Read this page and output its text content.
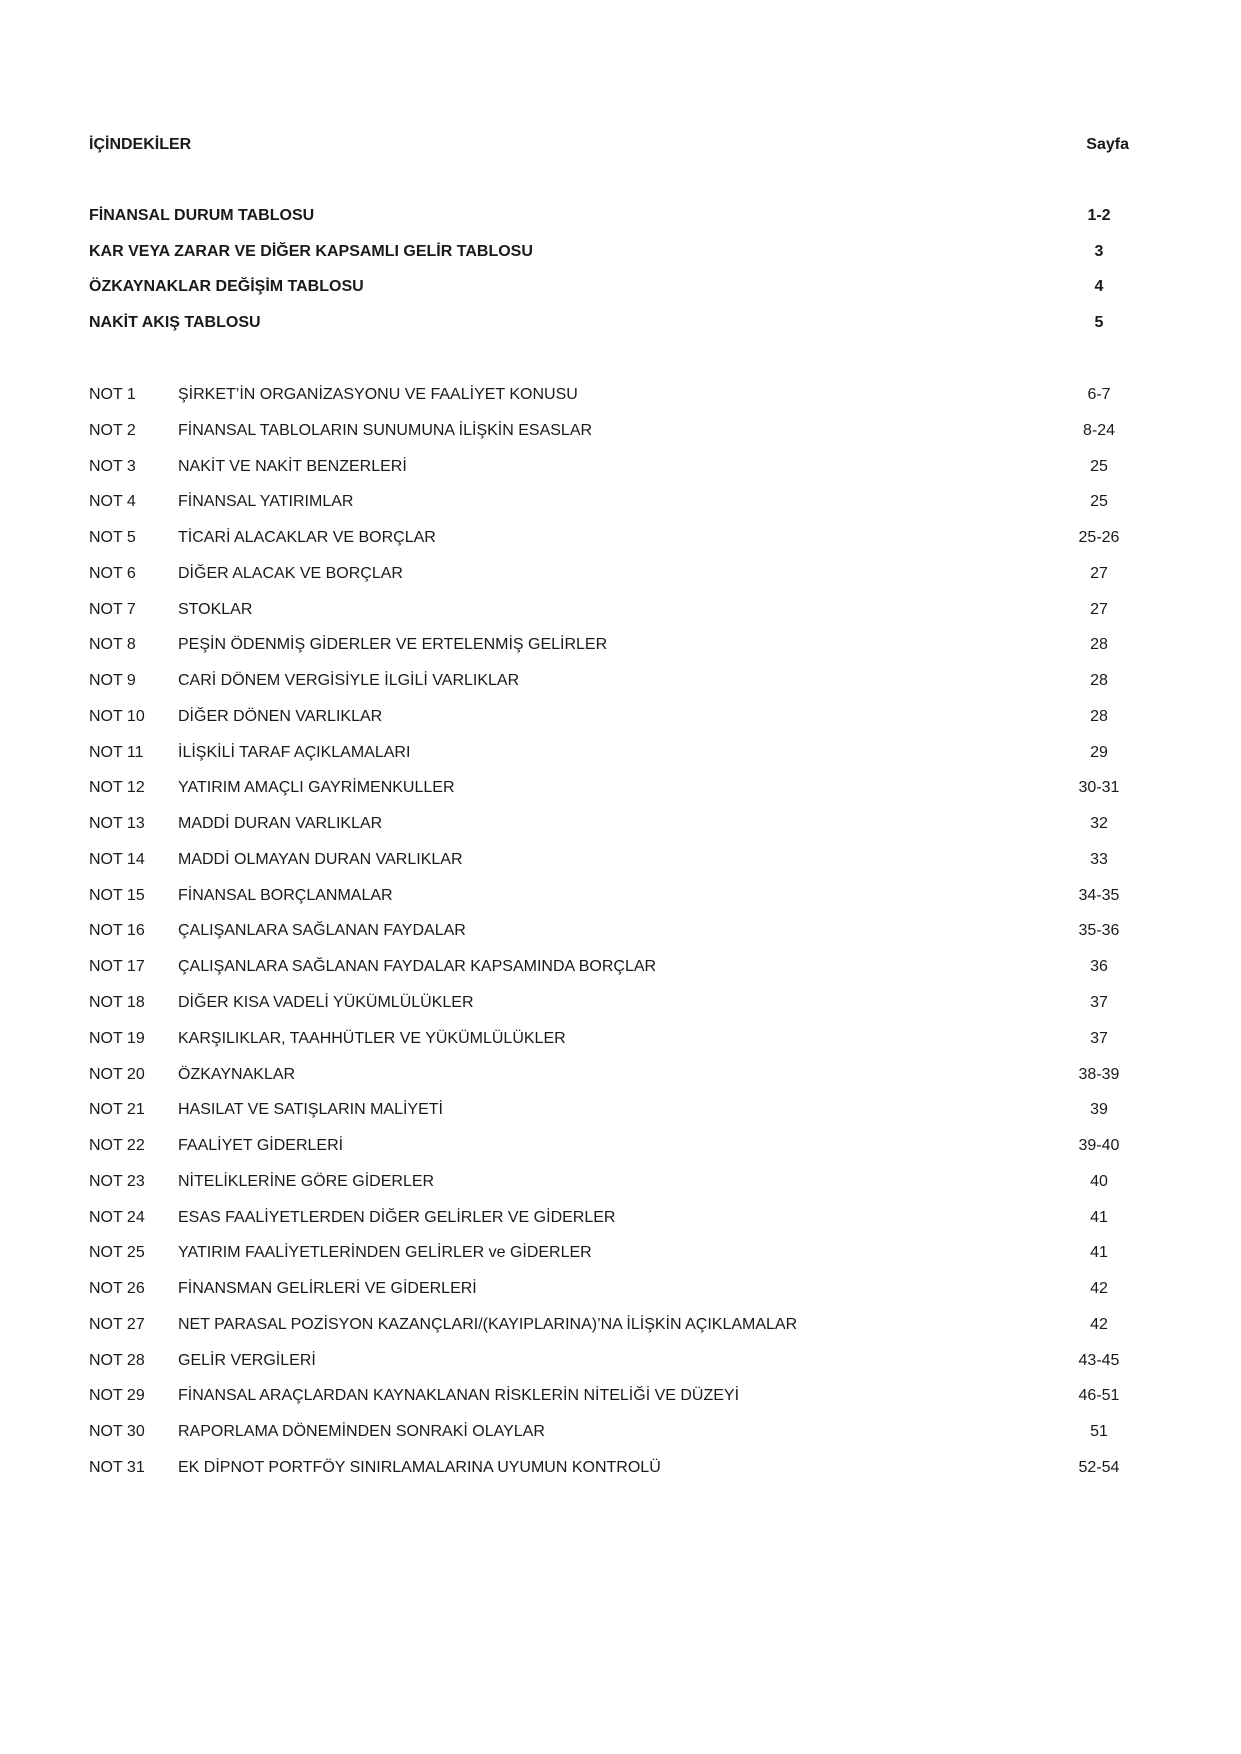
İÇİNDEKİLER	Sayfa
FİNANSAL DURUM TABLOSU	1-2
KAR VEYA ZARAR VE DİĞER KAPSAMLI GELİR TABLOSU	3
ÖZKAYNAKLAR DEĞİŞİM TABLOSU	4
NAKİT AKIŞ TABLOSU	5
NOT 1	ŞİRKET’İN ORGANİZASYONU VE FAALİYET KONUSU	6-7
NOT 2	FİNANSAL TABLOLARIN SUNUMUNA İLİŞKİN ESASLAR	8-24
NOT 3	NAKİT VE NAKİT BENZERLERİ	25
NOT 4	FİNANSAL YATIRIMLAR	25
NOT 5	TİCARİ ALACAKLAR VE BORÇLAR	25-26
NOT 6	DİĞER ALACAK VE BORÇLAR	27
NOT 7	STOKLAR	27
NOT 8	PEŞİN ÖDENMİŞ GİDERLER VE ERTELENMİŞ GELİRLER	28
NOT 9	CARİ DÖNEM VERGİSİYLE İLGİLİ VARLIKLAR	28
NOT 10 DİĞER DÖNEN VARLIKLAR	28
NOT 11 İLİŞKİLİ TARAF AÇIKLAMALARI	29
NOT 12 YATIRIM AMAÇLI GAYRİMENKULLER	30-31
NOT 13 MADDİ DURAN VARLIKLAR	32
NOT 14 MADDİ OLMAYAN DURAN VARLIKLAR	33
NOT 15 FİNANSAL BORÇLANMALAR	34-35
NOT 16 ÇALIŞANLARA SAĞLANAN FAYDALAR	35-36
NOT 17 ÇALIŞANLARA SAĞLANAN FAYDALAR KAPSAMINDA BORÇLAR	36
NOT 18 DİĞER KISA VADELİ YÜKÜMLÜLÜKLER	37
NOT 19 KARŞILIKLAR, TAAHHÜTLER VE YÜKÜMLÜLÜKLER	37
NOT 20 ÖZKAYNAKLAR	38-39
NOT 21 HASILAT VE SATIŞLARIN MALİYETİ	39
NOT 22 FAALİYET GİDERLERİ	39-40
NOT 23 NİTELİKLERİNE GÖRE GİDERLER	40
NOT 24 ESAS FAALİYETLERDEN DİĞER GELİRLER VE GİDERLER	41
NOT 25 YATIRIM FAALİYETLERİNDEN GELİRLER ve GİDERLER	41
NOT 26 FİNANSMAN GELİRLERİ VE GİDERLERİ	42
NOT 27 NET PARASAL POZİSYON KAZANÇLARI/(KAYIPLARINA)’NA İLİŞKİN AÇIKLAMALAR	42
NOT 28 GELİR VERGİLERİ	43-45
NOT 29 FİNANSAL ARAÇLARDAN KAYNAKLANAN RİSKLERİN NİTELİĞİ VE DÜZEYİ	46-51
NOT 30 RAPORLAMA DÖNEMİNDEN SONRAKİ OLAYLAR	51
NOT 31 EK DİPNOT PORTFÖY SINIRLAMALARINA UYUMUN KONTROLÜ	52-54
